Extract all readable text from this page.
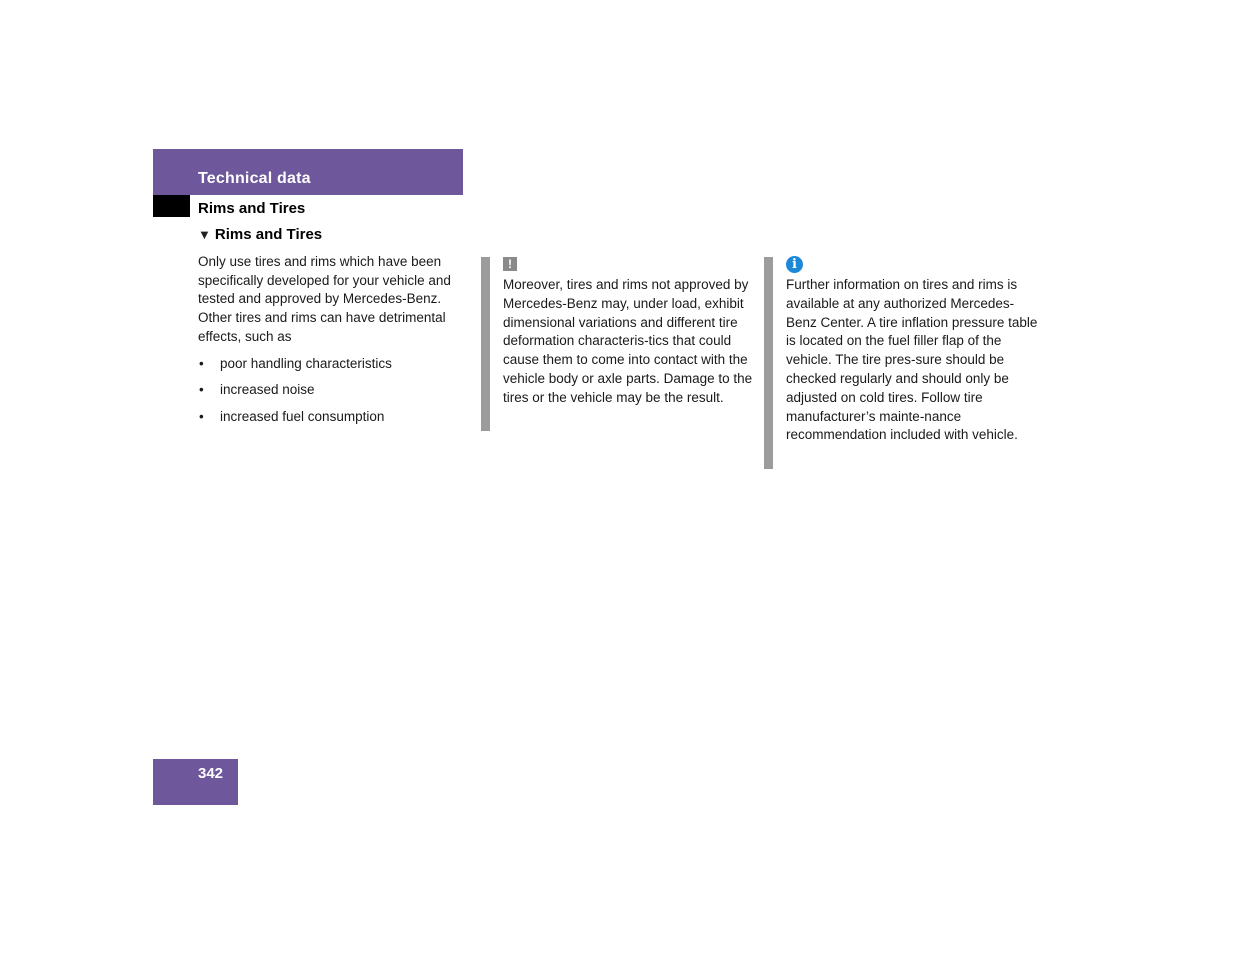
Technical data
Rims and Tires
▼ Rims and Tires

Only use tires and rims which have been specifically developed for your vehicle and tested and approved by Mercedes-Benz. Other tires and rims can have detrimental effects, such as

• poor handling characteristics
• increased noise
• increased fuel consumption
!
Moreover, tires and rims not approved by Mercedes-Benz may, under load, exhibit dimensional variations and different tire deformation characteris-tics that could cause them to come into contact with the vehicle body or axle parts. Damage to the tires or the vehicle may be the result.
i
Further information on tires and rims is available at any authorized Mercedes-Benz Center. A tire inflation pressure table is located on the fuel filler flap of the vehicle. The tire pres-sure should be checked regularly and should only be adjusted on cold tires. Follow tire manufacturer’s mainte-nance recommendation included with vehicle.
342
